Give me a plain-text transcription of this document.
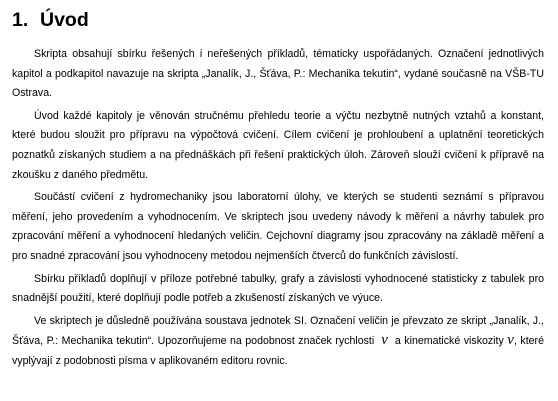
1. Úvod

Skripta obsahují sbírku řešených i neřešených příkladů, tématicky uspořádaných. Označení jednotlivých kapitol a podkapitol navazuje na skripta „Janalík, J., Šťáva, P.: Mechanika tekutin“, vydané současně na VŠB-TU Ostrava.

Úvod každé kapitoly je věnován stručnému přehledu teorie a výčtu nezbytně nutných vztahů a konstant, které budou sloužit pro přípravu na výpočtová cvičení. Cílem cvičení je prohloubení a uplatnění teoretických poznatků získaných studiem a na přednáškách při řešení praktických úloh. Zároveň slouží cvičení k přípravě na zkoušku z daného předmětu.

Součástí cvičení z hydromechaniky jsou laboratorní úlohy, ve kterých se studenti seznámí s přípravou měření, jeho provedením a vyhodnocením. Ve skriptech jsou uvedeny návody k měření a návrhy tabulek pro zpracování měření a vyhodnocení hledaných veličin. Cejchovní diagramy jsou zpracovány na základě měření a pro snadné zpracování jsou vyhodnoceny metodou nejmenších čtverců do funkčních závislostí.

Sbírku příkladů doplňují v příloze potřebné tabulky, grafy a závislosti vyhodnocené statisticky z tabulek pro snadnější použití, které doplňují podle potřeb a zkušeností získaných ve výuce.

Ve skriptech je důsledně používána soustava jednotek SI. Označení veličin je převzato ze skript „Janalík, J., Šťáva, P.: Mechanika tekutin“. Upozorňujeme na podobnost značek rychlosti v a kinematické viskozity ν, které vyplývají z podobnosti písma v aplikovaném editoru rovnic.
